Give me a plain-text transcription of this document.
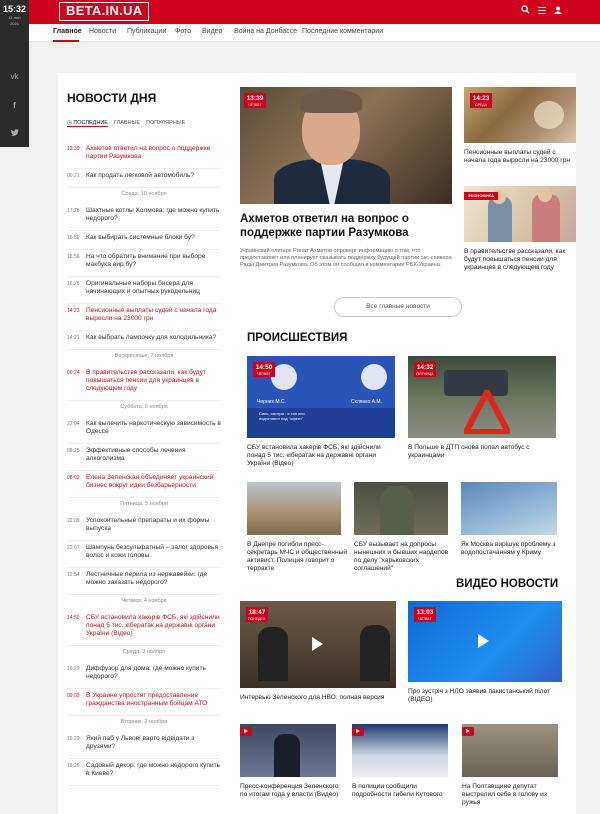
BETA.IN.UA
15:32
11 лип
2021
vk
f
Главное Новости Публикации Фото Видео Война на Донбассе Последние комментарии
НОВОСТИ ДНЯ
◷ ПОСЛЕДНИЕ ГЛАВНЫЕ ПОПУЛЯРНЫЕ
13:39 Ахметов ответил на вопрос о поддержке партии Разумкова
00:21 Как продать легковой автомобиль?
Среда, 10 ноября
17:28 Шахтные котлы Холмова: где можно купить недорого?
16:59 Как выбирать системные блоки бу?
16:56 На что обратить внимание при выборе макбука аир бу?
16:26 Оригинальные наборы бисера для начинающих и опытных рукодельниц
14:23 Пенсионные выплаты судей с начала года выросли на 23000 грн
14:21 Как выбрать лампочку для холодильника?
Воскресенье, 7 ноября
00:24 В правительстве рассказали, как будут повышаться пенсии для украинцев в следующем году
Суббота, 6 ноября
22:04 Как вылечить наркотическую зависимость в Одессе
08:25 Эффективные способы лечения алкоголизма
08:02 Елена Зеленская объединяет украинский бизнес вокруг идеи безбарьерности
Пятница, 5 ноября
22:09 Успокоительные препараты и их формы выпуска
22:07 Шампунь безсульфатный – залог здоровья волос и кожи головы
12:54 Лестничные перила из нержавейки: где можно заказать недорого?
Четверг, 4 ноября
14:50 СБУ встановила хакерів ФСБ, які здійснили понад 5 тис. кібератак на державні органи України (Відео)
Среда, 3 ноября
16:29 Диффузор для дома: где можно купить недорого?
09:03 В Украине упростят предоставление гражданства иностранным бойцам АТО
Вторник, 2 ноября
16:29 Який паб у Львові варто відвідати з друзями?
15:26 Садовый декор: где можно недорого купить в Киеве?
13:39
ЧЕТВЕГ
Ахметов ответил на вопрос о поддержке партии Разумкова
Украинский олигарх Ринат Ахметов опроверг информацию о том, что предоставляет или планирует оказывать поддержку будущей партии экс-спикера Рады Дмитрия Разумкова. Об этом он сообщил в комментарии РБК-Украина.
Все главные новости
14:23
СРЕДА
Пенсионные выплаты судей с начала года выросли на 23000 грн
ЭКОНОМИКА
В правительстве рассказали, как будут повышаться пенсии для украинцев в следующем году
ПРОИСШЕСТВИЯ
Черних М.С.	Склянко А.М.
Сань, смотри - я тан оло подготовил под "офент".
14:50
ЧЕТВЕГ
СБУ встановила хакерів ФСБ, які здійснили понад 5 тис. кібератак на державні органи України (Відео)
14:32
ПЯТНИЦА
В Польше в ДТП снова попал автобус с украинцами
В Днепре погибли пресс-секретарь МЧС и общественный активист. Полиция говорит о терракте
СБУ вызывает на допросы нынешних и бывших нардепов по делу "харьковских соглашений"
Як Москва вирішує проблему з водопостачанням у Криму
ВИДЕО НОВОСТИ
18:47
ПОНЕДЕЛ.
Интервью Зеленского для НВО: полная версия
13:03
ЧЕТВЕГ
Про зустріч з НЛО заявив пакистанський пілот (ВІДЕО)
Пресс-конференция Зеленского по итогам года у власти (Видео)
В полиции сообщили подробности гибели Кутового
На Полтавщине депутат выстрелил себе в голову из ружья
